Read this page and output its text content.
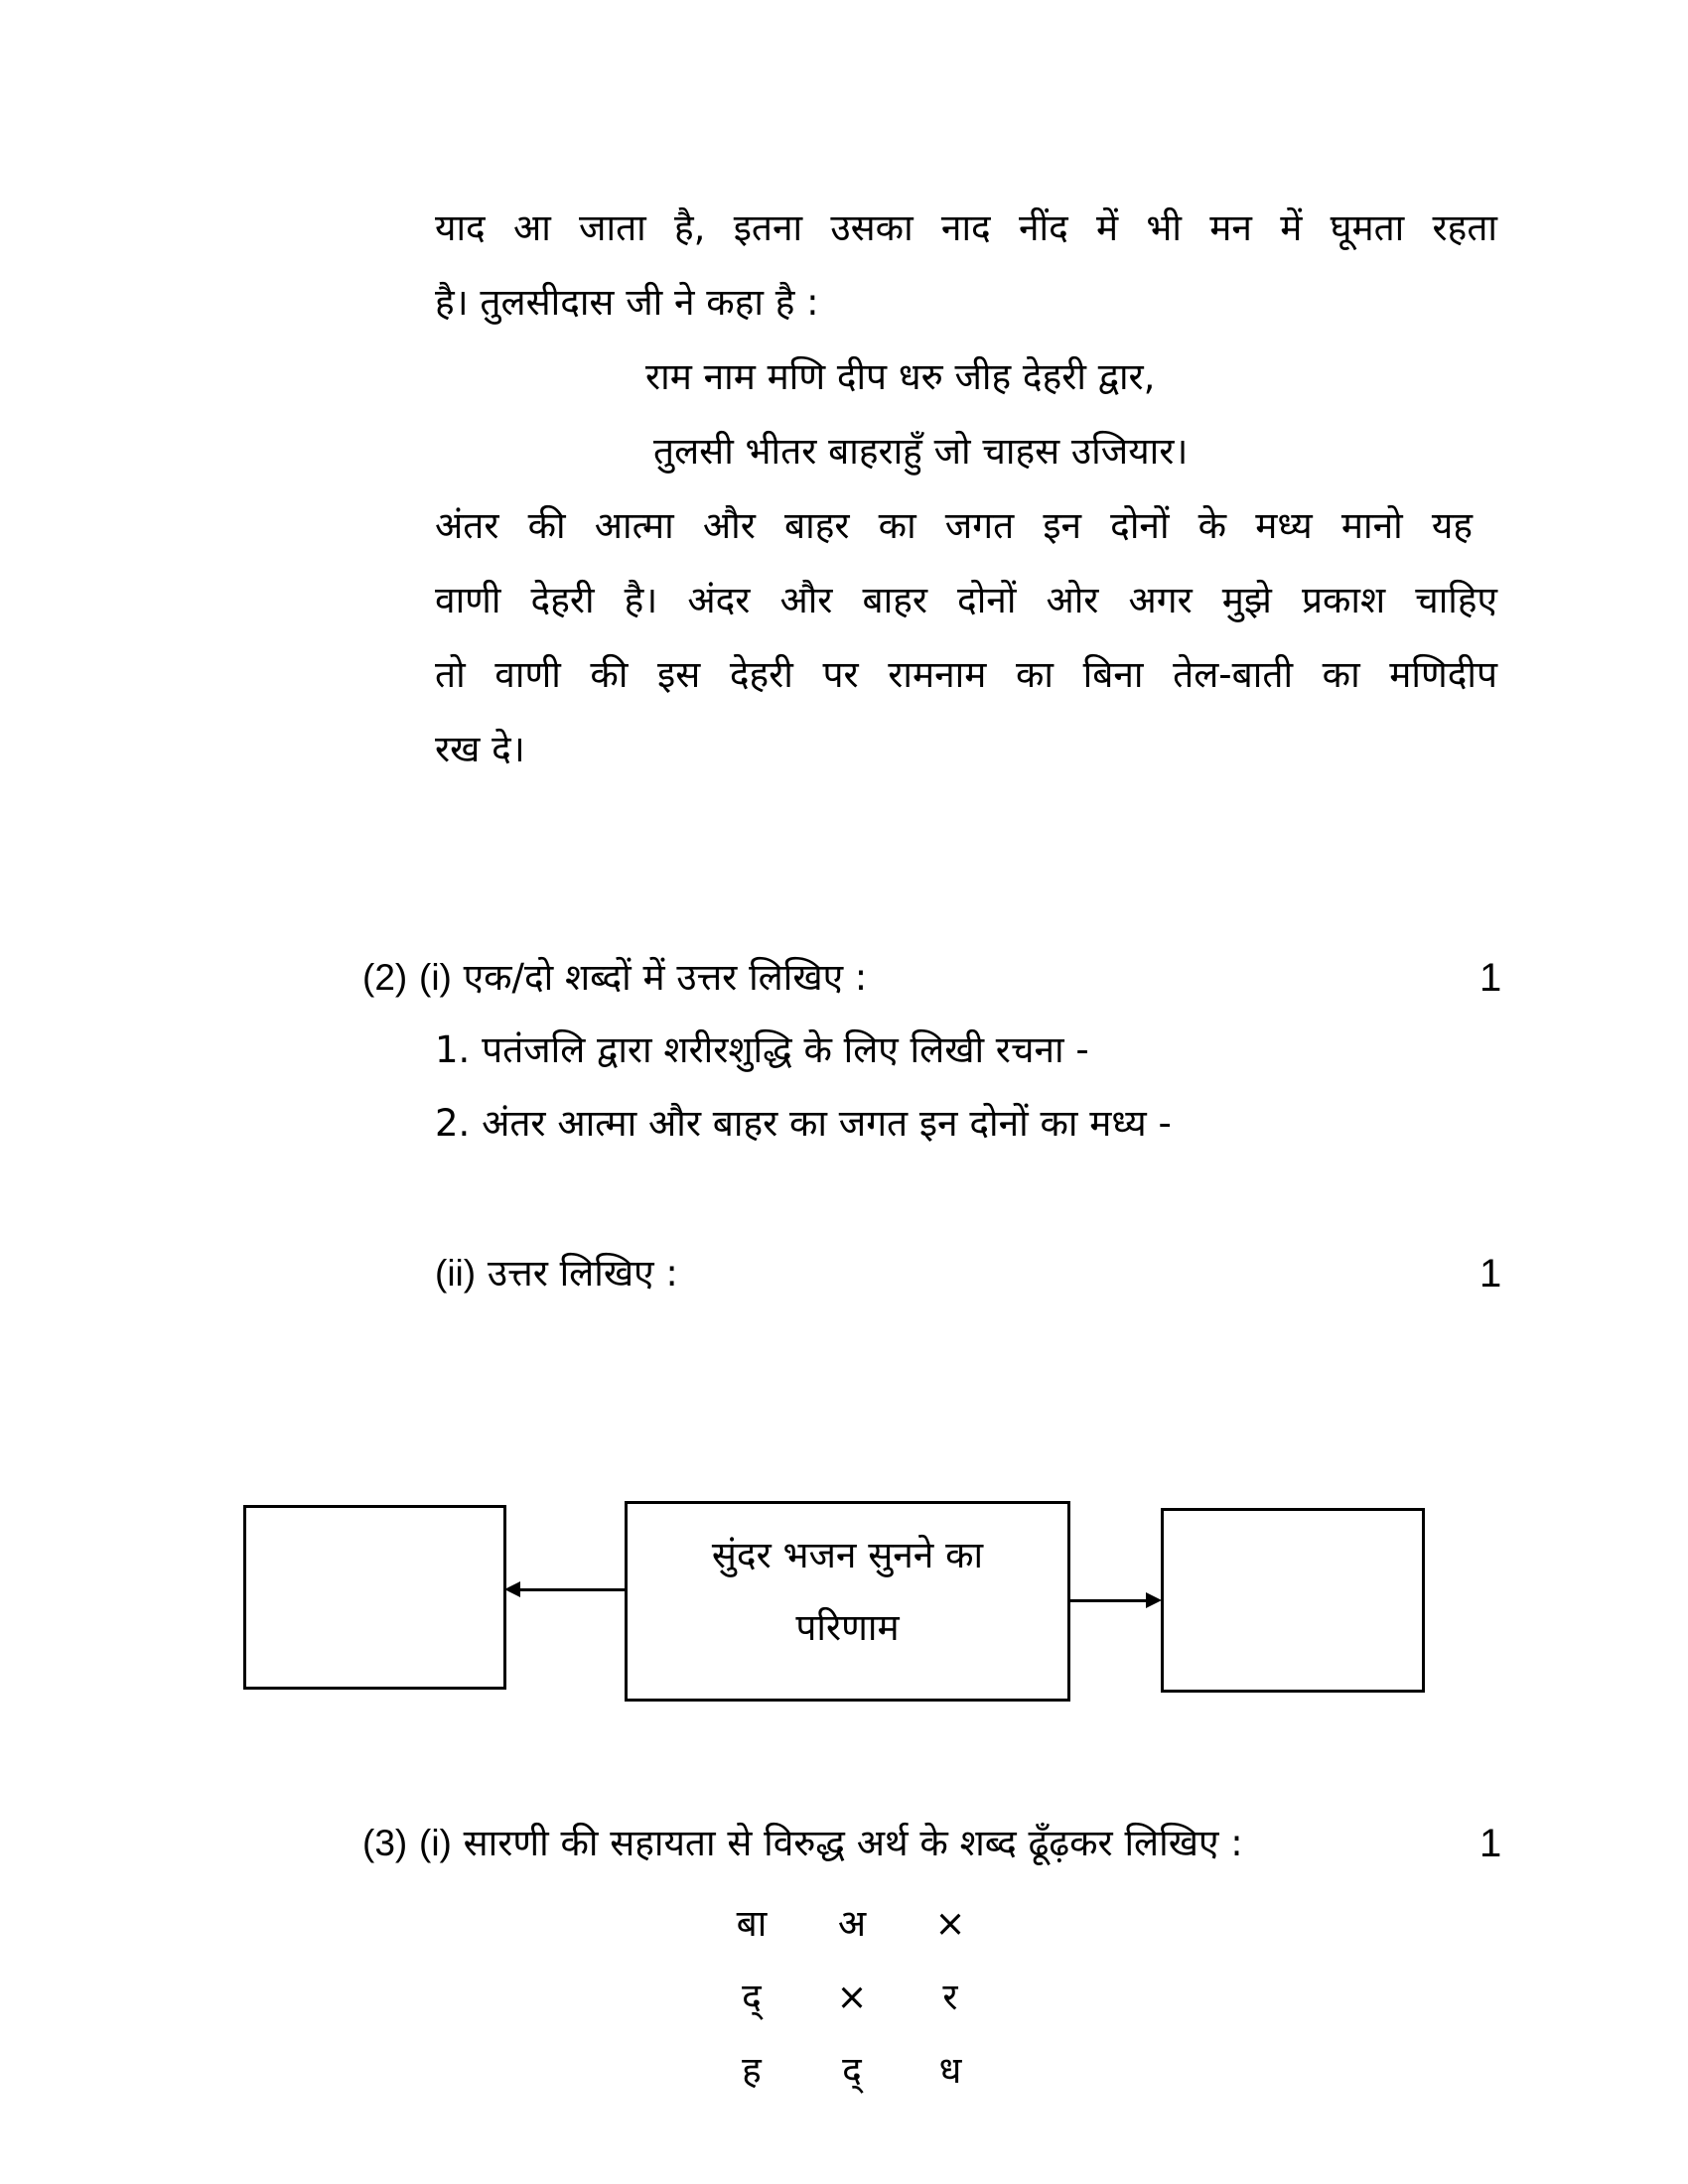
याद आ जाता है, इतना उसका नाद नींद में भी मन में घूमता रहता
है। तुलसीदास जी ने कहा है :
राम नाम मणि दीप धरु जीह देहरी द्वार,
तुलसी भीतर बाहराहुँ जो चाहस उजियार।
अंतर की आत्मा और बाहर का जगत इन दोनों के मध्य मानो यह
वाणी देहरी है। अंदर और बाहर दोनों ओर अगर मुझे प्रकाश चाहिए
तो वाणी की इस देहरी पर रामनाम का बिना तेल-बाती का मणिदीप
रख दे।
(2) (i) एक/दो शब्दों में उत्तर लिखिए :	1
1. पतंजलि द्वारा शरीरशुद्धि के लिए लिखी रचना -
2. अंतर आत्मा और बाहर का जगत इन दोनों का मध्य -
(ii) उत्तर लिखिए :	1
सुंदर भजन सुनने का
परिणाम
(3) (i) सारणी की सहायता से विरुद्ध अर्थ के शब्द ढूँढ़कर लिखिए :	1
बा	अ	×
द्	×	र
ह	द्	ध
